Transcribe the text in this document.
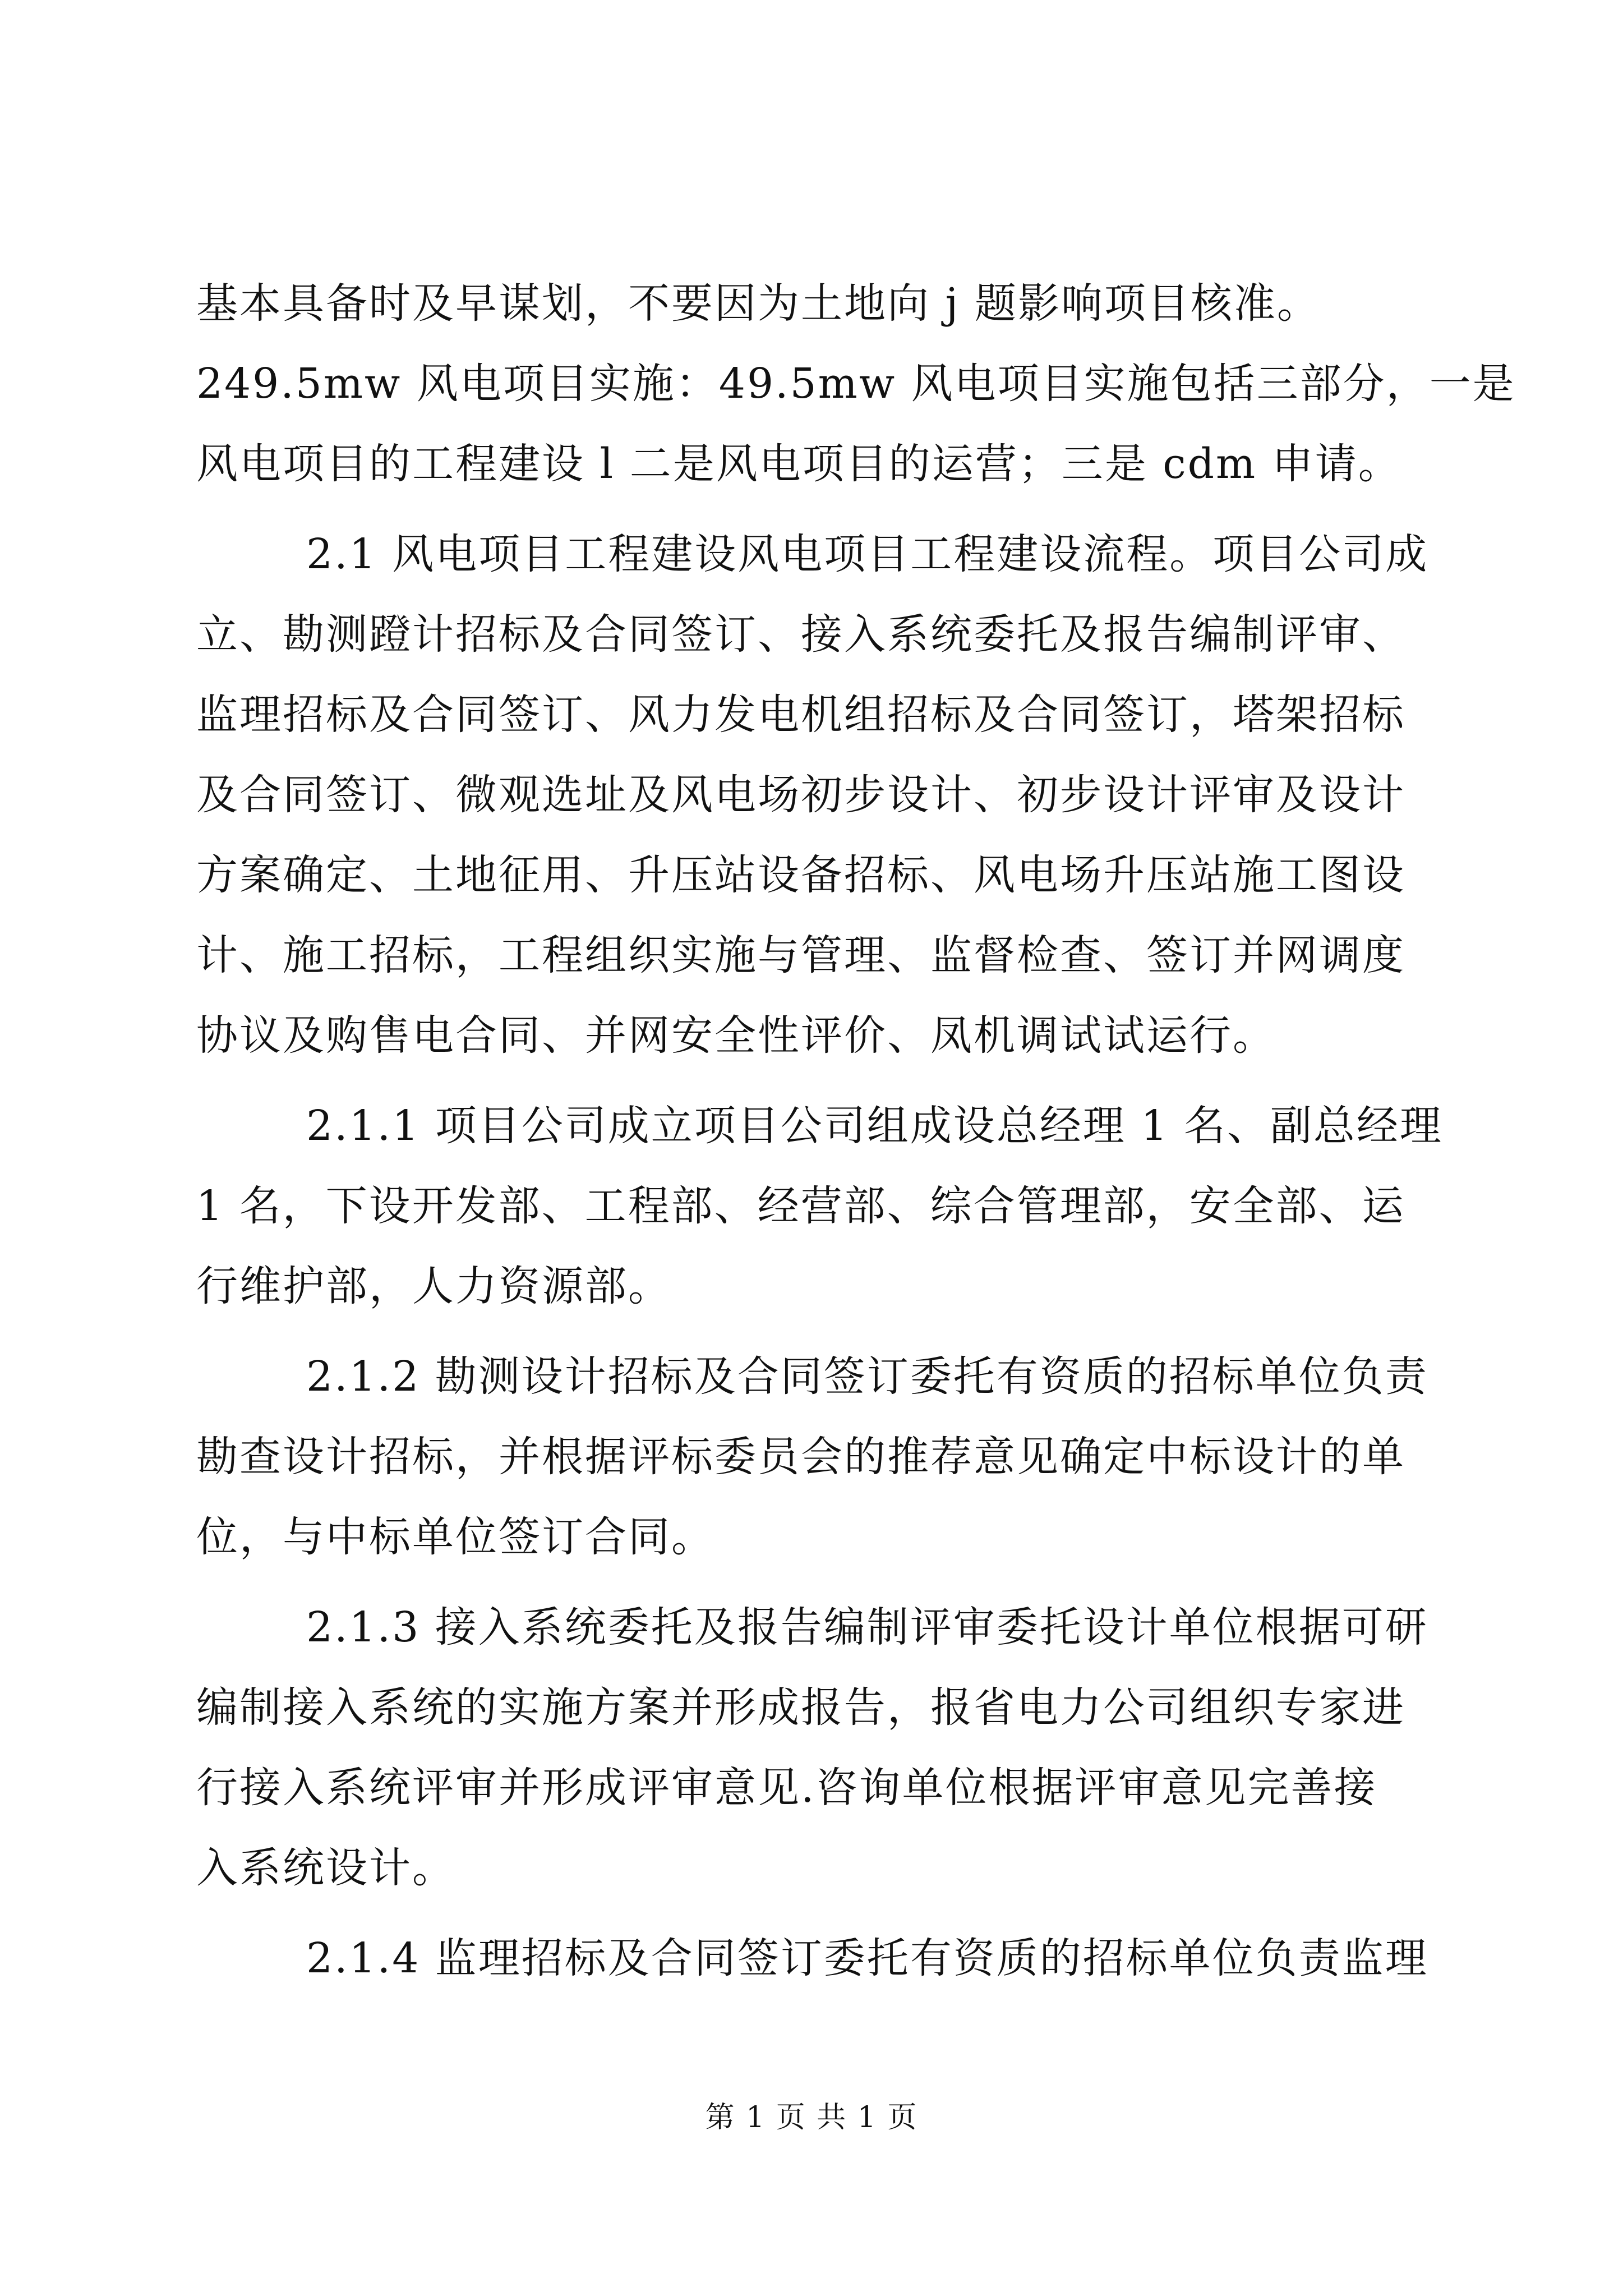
基本具备时及早谋划，不要因为土地向 j 题影响项目核准。
249.5mw 风电项目实施：49.5mw 风电项目实施包括三部分，一是
风电项目的工程建设 l 二是风电项目的运营；三是 cdm 申请。
2.1 风电项目工程建设风电项目工程建设流程。项目公司成
立、勘测蹬计招标及合同签订、接入系统委托及报告编制评审、
监理招标及合同签订、风力发电机组招标及合同签订，塔架招标
及合同签订、微观选址及风电场初步设计、初步设计评审及设计
方案确定、土地征用、升压站设备招标、风电场升压站施工图设
计、施工招标，工程组织实施与管理、监督检查、签订并网调度
协议及购售电合同、并网安全性评价、凤机调试试运行。
2.1.1 项目公司成立项目公司组成设总经理 1 名、副总经理
1 名，下设开发部、工程部、经营部、综合管理部，安全部、运
行维护部，人力资源部。
2.1.2 勘测设计招标及合同签订委托有资质的招标单位负责
勘查设计招标，并根据评标委员会的推荐意见确定中标设计的单
位，与中标单位签订合同。
2.1.3 接入系统委托及报告编制评审委托设计单位根据可研
编制接入系统的实施方案并形成报告，报省电力公司组织专家进
行接入系统评审并形成评审意见.咨询单位根据评审意见完善接
入系统设计。
2.1.4 监理招标及合同签订委托有资质的招标单位负责监理
第 1 页 共 1 页
